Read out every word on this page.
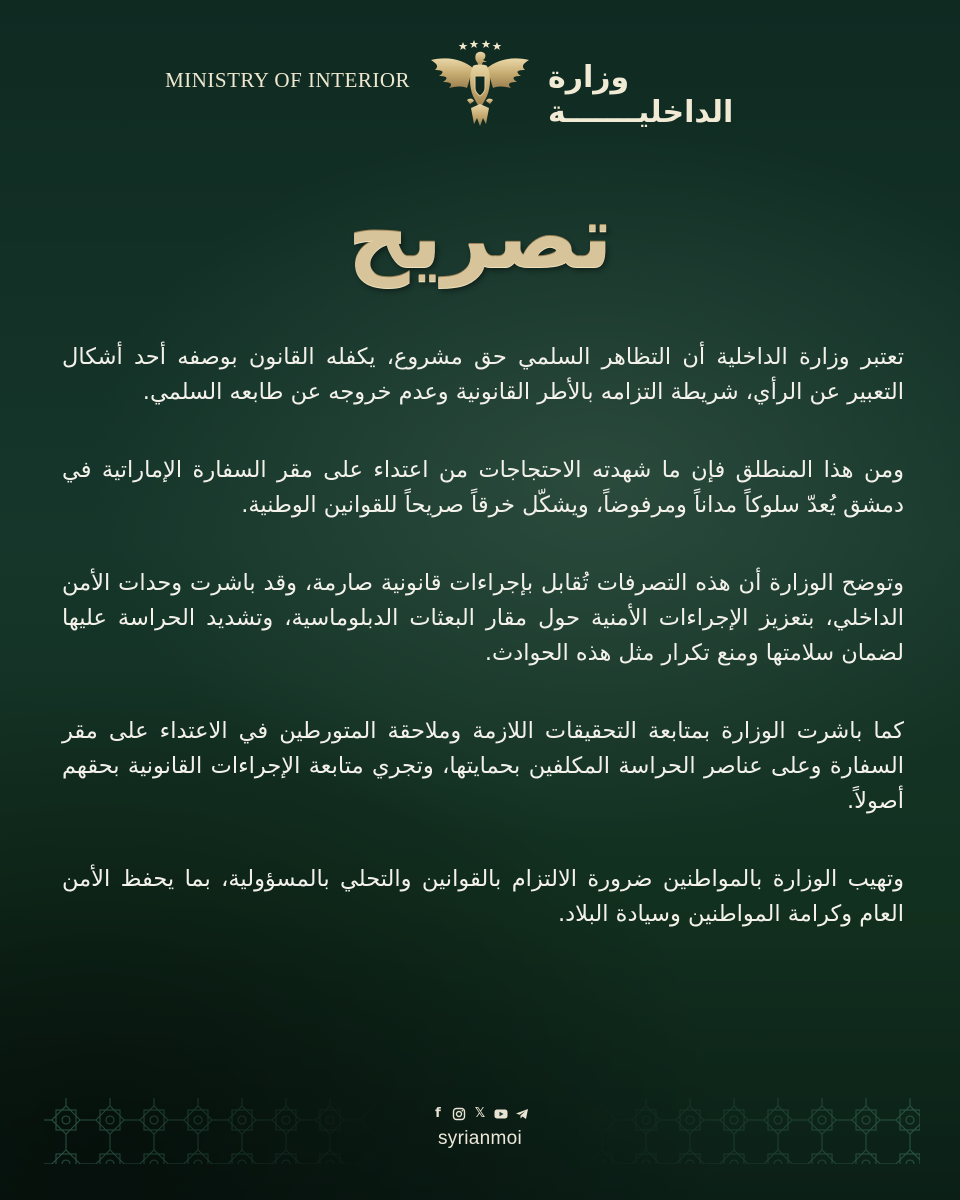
MINISTRY OF INTERIOR	وزارة الداخليـــــــة
تصريح

تعتبر وزارة الداخلية أن التظاهر السلمي حق مشروع، يكفله القانون بوصفه أحد أشكال التعبير عن الرأي، شريطة التزامه بالأطر القانونية وعدم خروجه عن طابعه السلمي.

ومن هذا المنطلق فإن ما شهدته الاحتجاجات من اعتداء على مقر السفارة الإماراتية في دمشق يُعدّ سلوكاً مداناً ومرفوضاً، ويشكّل خرقاً صريحاً للقوانين الوطنية.

وتوضح الوزارة أن هذه التصرفات تُقابل بإجراءات قانونية صارمة، وقد باشرت وحدات الأمن الداخلي، بتعزيز الإجراءات الأمنية حول مقار البعثات الدبلوماسية، وتشديد الحراسة عليها لضمان سلامتها ومنع تكرار مثل هذه الحوادث.

كما باشرت الوزارة بمتابعة التحقيقات اللازمة وملاحقة المتورطين في الاعتداء على مقر السفارة وعلى عناصر الحراسة المكلفين بحمايتها، وتجري متابعة الإجراءات القانونية بحقهم أصولاً.

وتهيب الوزارة بالمواطنين ضرورة الالتزام بالقوانين والتحلي بالمسؤولية، بما يحفظ الأمن العام وكرامة المواطنين وسيادة البلاد.

f	𝕏
syrianmoi
